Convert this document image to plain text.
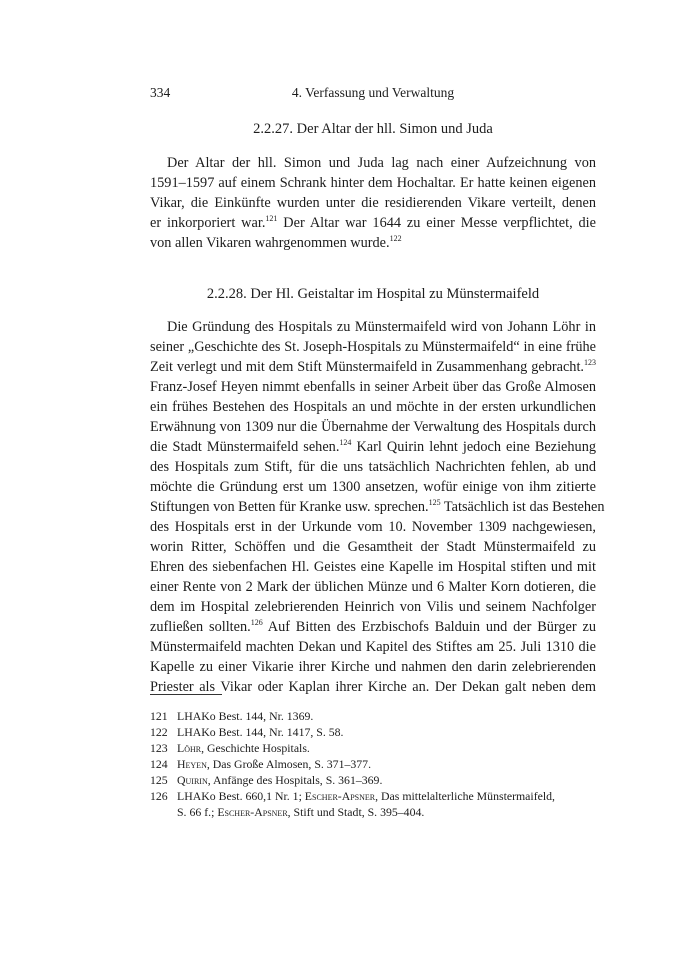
334	4. Verfassung und Verwaltung
2.2.27. Der Altar der hll. Simon und Juda
Der Altar der hll. Simon und Juda lag nach einer Aufzeichnung von
1591–1597 auf einem Schrank hinter dem Hochaltar. Er hatte keinen eigenen
Vikar, die Einkünfte wurden unter die residierenden Vikare verteilt, denen
er inkorporiert war.$^{121}$ Der Altar war 1644 zu einer Messe verpflichtet, die
von allen Vikaren wahrgenommen wurde.$^{122}$
2.2.28. Der Hl. Geistaltar im Hospital zu Münstermaifeld
Die Gründung des Hospitals zu Münstermaifeld wird von Johann Löhr in
seiner „Geschichte des St. Joseph-Hospitals zu Münstermaifeld“ in eine frühe
Zeit verlegt und mit dem Stift Münstermaifeld in Zusammenhang gebracht.$^{123}$
Franz-Josef Heyen nimmt ebenfalls in seiner Arbeit über das Große Almosen
ein frühes Bestehen des Hospitals an und möchte in der ersten urkundlichen
Erwähnung von 1309 nur die Übernahme der Verwaltung des Hospitals durch
die Stadt Münstermaifeld sehen.$^{124}$ Karl Quirin lehnt jedoch eine Beziehung
des Hospitals zum Stift, für die uns tatsächlich Nachrichten fehlen, ab und
möchte die Gründung erst um 1300 ansetzen, wofür einige von ihm zitierte
Stiftungen von Betten für Kranke usw. sprechen.$^{125}$ Tatsächlich ist das Bestehen
des Hospitals erst in der Urkunde vom 10. November 1309 nachgewiesen,
worin Ritter, Schöffen und die Gesamtheit der Stadt Münstermaifeld zu
Ehren des siebenfachen Hl. Geistes eine Kapelle im Hospital stiften und mit
einer Rente von 2 Mark der üblichen Münze und 6 Malter Korn dotieren, die
dem im Hospital zelebrierenden Heinrich von Vilis und seinem Nachfolger
zufließen sollten.$^{126}$ Auf Bitten des Erzbischofs Balduin und der Bürger zu
Münstermaifeld machten Dekan und Kapitel des Stiftes am 25. Juli 1310 die
Kapelle zu einer Vikarie ihrer Kirche und nahmen den darin zelebrierenden
Priester als Vikar oder Kaplan ihrer Kirche an. Der Dekan galt neben dem
121 LHAKo Best. 144, Nr. 1369.
122 LHAKo Best. 144, Nr. 1417, S. 58.
123 Löhr, Geschichte Hospitals.
124 Heyen, Das Große Almosen, S. 371–377.
125 Quirin, Anfänge des Hospitals, S. 361–369.
126 LHAKo Best. 660,1 Nr. 1; Escher-Apsner, Das mittelalterliche Münstermaifeld,
S. 66 f.; Escher-Apsner, Stift und Stadt, S. 395–404.
